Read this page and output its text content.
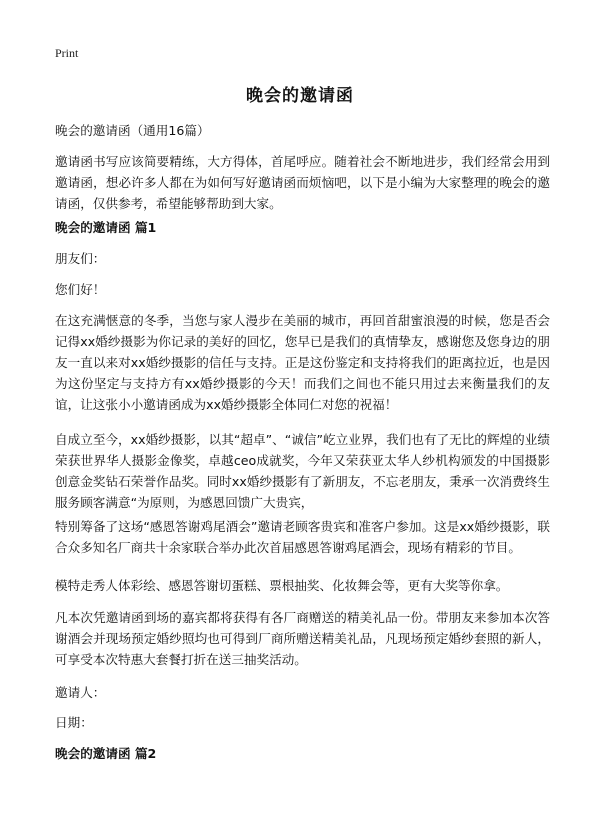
Print
晚会的邀请函

晚会的邀请函（通用16篇）

邀请函书写应该简要精练，大方得体，首尾呼应。随着社会不断地进步，我们经常会用到邀请函，想必许多人都在为如何写好邀请函而烦恼吧，以下是小编为大家整理的晚会的邀请函，仅供参考，希望能够帮助到大家。

晚会的邀请函 篇1

朋友们：

您们好！

在这充满惬意的冬季，当您与家人漫步在美丽的城市，再回首甜蜜浪漫的时候，您是否会记得xx婚纱摄影为你记录的美好的回忆，您早已是我们的真情挚友，感谢您及您身边的朋友一直以来对xx婚纱摄影的信任与支持。正是这份鉴定和支持将我们的距离拉近，也是因为这份坚定与支持方有xx婚纱摄影的今天！而我们之间也不能只用过去来衡量我们的友谊，让这张小小邀请函成为xx婚纱摄影全体同仁对您的祝福！

自成立至今，xx婚纱摄影，以其“超卓”、“诚信”屹立业界，我们也有了无比的辉煌的业绩荣获世界华人摄影金像奖，卓越ceo成就奖，今年又荣获亚太华人纱机构颁发的中国摄影创意金奖钻石荣誉作品奖。同时xx婚纱摄影有了新朋友，不忘老朋友，秉承一次消费终生服务顾客满意“为原则，为感恩回馈广大贵宾，

特别筹备了这场“感恩答谢鸡尾酒会”邀请老顾客贵宾和准客户参加。这是xx婚纱摄影，联合众多知名厂商共十余家联合举办此次首届感恩答谢鸡尾酒会，现场有精彩的节目。

模特走秀人体彩绘、感恩答谢切蛋糕、票根抽奖、化妆舞会等，更有大奖等你拿。

凡本次凭邀请函到场的嘉宾都将获得有各厂商赠送的精美礼品一份。带朋友来参加本次答谢酒会并现场预定婚纱照均也可得到厂商所赠送精美礼品，凡现场预定婚纱套照的新人，可享受本次特惠大套餐打折在送三抽奖活动。

邀请人：

日期：

晚会的邀请函 篇2
